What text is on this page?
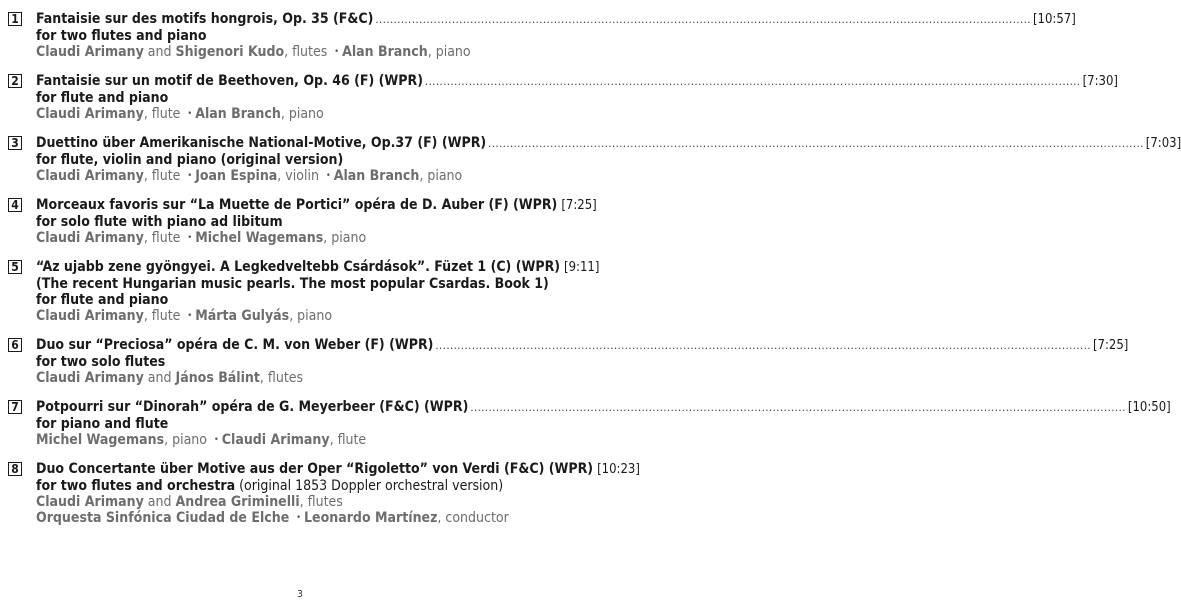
1 Fantaisie sur des motifs hongrois, Op. 35 (F&C) .....	[10:57]
for two flutes and piano
Claudi Arimany and Shigenori Kudo, flutes • Alan Branch, piano
2 Fantaisie sur un motif de Beethoven, Op. 46 (F) (WPR) .....	[7:30]
for flute and piano
Claudi Arimany, flute • Alan Branch, piano
3 Duettino über Amerikanische National-Motive, Op.37 (F) (WPR) .....	[7:03]
for flute, violin and piano (original version)
Claudi Arimany, flute • Joan Espina, violin • Alan Branch, piano
4 Morceaux favoris sur “La Muette de Portici” opéra de D. Auber (F) (WPR) [7:25]
for solo flute with piano ad libitum
Claudi Arimany, flute • Michel Wagemans, piano
5 “Az ujabb zene gyöngyei. A Legkedveltebb Csárdások”. Füzet 1 (C) (WPR) [9:11]
(The recent Hungarian music pearls. The most popular Csardas. Book 1)
for flute and piano
Claudi Arimany, flute • Márta Gulyás, piano
6 Duo sur “Preciosa” opéra de C. M. von Weber (F) (WPR) .....	[7:25]
for two solo flutes
Claudi Arimany and János Bálint, flutes
7 Potpourri sur “Dinorah” opéra de G. Meyerbeer (F&C) (WPR) .....	[10:50]
for piano and flute
Michel Wagemans, piano • Claudi Arimany, flute
8 Duo Concertante über Motive aus der Oper “Rigoletto” von Verdi (F&C) (WPR) [10:23]
for two flutes and orchestra (original 1853 Doppler orchestral version)
Claudi Arimany and Andrea Griminelli, flutes
Orquesta Sinfónica Ciudad de Elche • Leonardo Martínez, conductor
3
